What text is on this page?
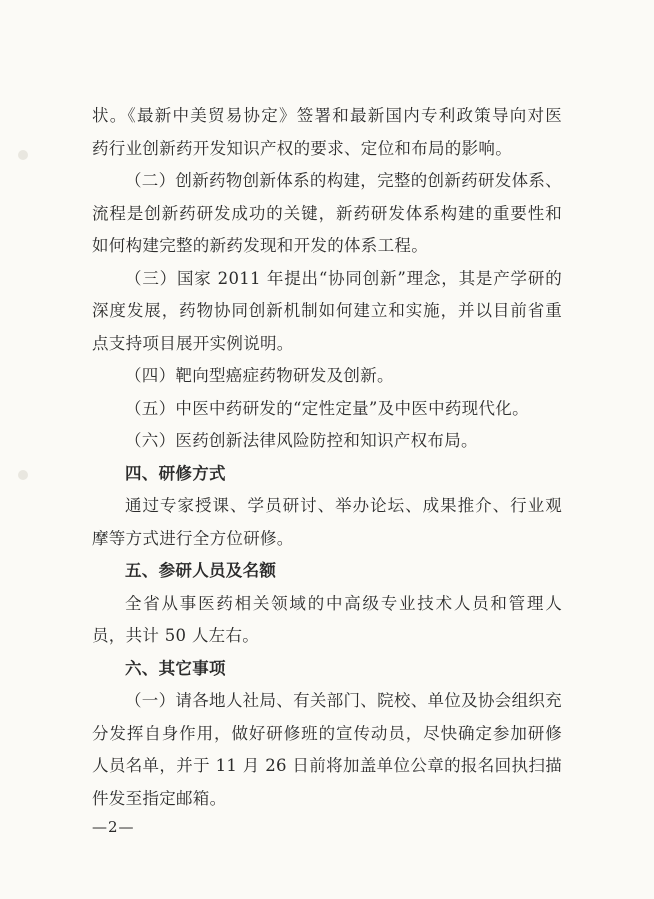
状。《最新中美贸易协定》签署和最新国内专利政策导向对医
药行业创新药开发知识产权的要求、定位和布局的影响。
（二）创新药物创新体系的构建，完整的创新药研发体系、
流程是创新药研发成功的关键，新药研发体系构建的重要性和
如何构建完整的新药发现和开发的体系工程。
（三）国家 2011 年提出“协同创新”理念，其是产学研的
深度发展，药物协同创新机制如何建立和实施，并以目前省重
点支持项目展开实例说明。
（四）靶向型癌症药物研发及创新。
（五）中医中药研发的“定性定量”及中医中药现代化。
（六）医药创新法律风险防控和知识产权布局。
四、研修方式
通过专家授课、学员研讨、举办论坛、成果推介、行业观
摩等方式进行全方位研修。
五、参研人员及名额
全省从事医药相关领域的中高级专业技术人员和管理人
员，共计 50 人左右。
六、其它事项
（一）请各地人社局、有关部门、院校、单位及协会组织充
分发挥自身作用，做好研修班的宣传动员，尽快确定参加研修
人员名单，并于 11 月 26 日前将加盖单位公章的报名回执扫描
件发至指定邮箱。
—2—
